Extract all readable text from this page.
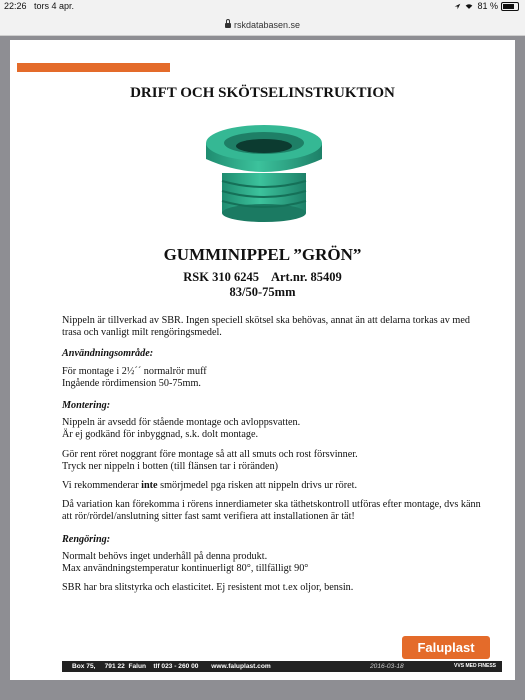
22:26 tors 4 apr.	81 %
rskdatabasen.se
DRIFT OCH SKÖTSELINSTRUKTION
GUMMINIPPEL ”GRÖN”
RSK 310 6245 Art.nr. 85409
83/50-75mm

Nippeln är tillverkad av SBR. Ingen speciell skötsel ska behövas, annat än att delarna torkas av med trasa och vanligt milt rengöringsmedel.

Användningsområde:

För montage i 2½´´ normalrör muff
Ingående rördimension 50-75mm.

Montering:

Nippeln är avsedd för stående montage och avloppsvatten.
Är ej godkänd för inbyggnad, s.k. dolt montage.

Gör rent röret noggrant före montage så att all smuts och rost försvinner.
Tryck ner nippeln i botten (till flänsen tar i röränden)

Vi rekommenderar inte smörjmedel pga risken att nippeln drivs ur röret.

Då variation kan förekomma i rörens innerdiameter ska täthetskontroll utföras efter montage, dvs känn att rör/rördel/anslutning sitter fast samt verifiera att installationen är tät!

Rengöring:

Normalt behövs inget underhåll på denna produkt.
Max användningstemperatur kontinuerligt 80°, tillfälligt 90°

SBR har bra slitstyrka och elasticitet. Ej resistent mot t.ex oljor, bensin.

Faluplast
Box 75,     791 22  Falun    tlf 023 - 260 00       www.faluplast.com	2016-03-18	VVS MED FINESS
